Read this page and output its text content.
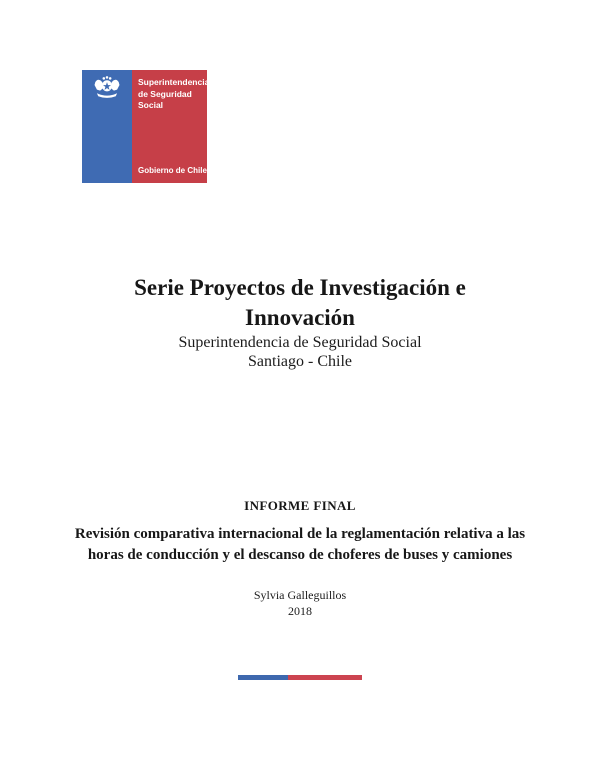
Superintendencia
de Seguridad
Social
Gobierno de Chile
Serie Proyectos de Investigación e
Innovación
Superintendencia de Seguridad Social
Santiago - Chile
INFORME FINAL
Revisión comparativa internacional de la reglamentación relativa a las
horas de conducción y el descanso de choferes de buses y camiones
Sylvia Galleguillos
2018
